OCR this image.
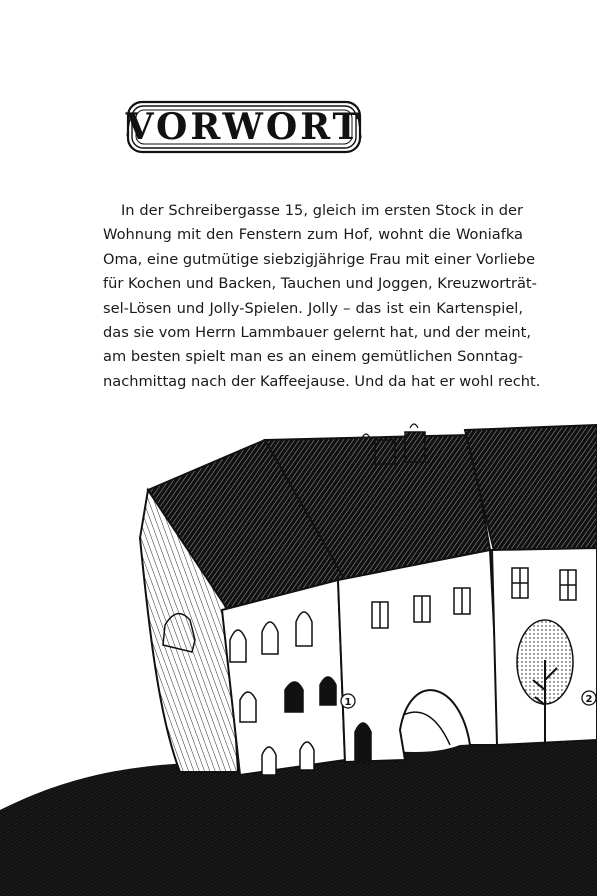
VORWORT
In der Schreibergasse 15, gleich im ersten Stock in der
Wohnung mit den Fenstern zum Hof, wohnt die Woniafka
Oma, eine gutmütige siebzigjährige Frau mit einer Vorliebe
für Kochen und Backen, Tauchen und Joggen, Kreuzworträt-
sel-Lösen und Jolly-Spielen. Jolly – das ist ein Kartenspiel,
das sie vom Herrn Lammbauer gelernt hat, und der meint,
am besten spielt man es an einem gemütlichen Sonntag-
nachmittag nach der Kaffeejause. Und da hat er wohl recht.
1	2
